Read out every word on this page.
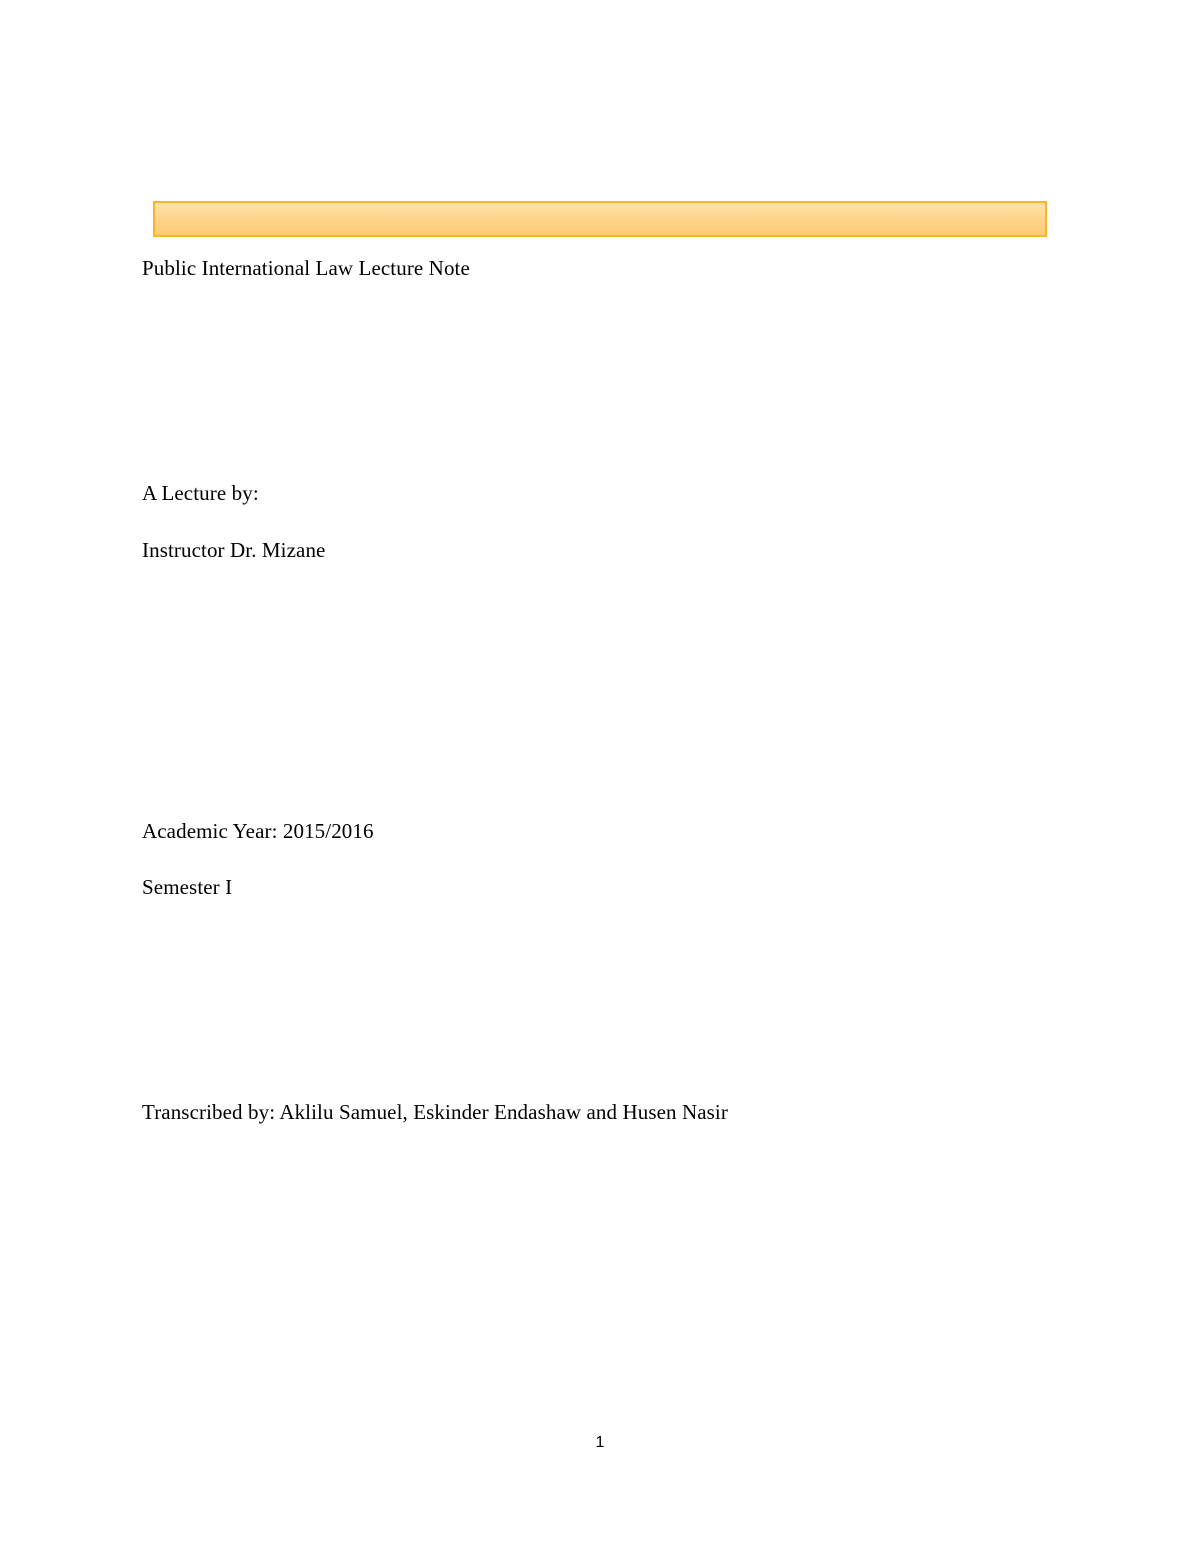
Public International Law Lecture Note
A Lecture by:
Instructor Dr. Mizane
Academic Year: 2015/2016
Semester I
Transcribed by: Aklilu Samuel, Eskinder Endashaw and Husen Nasir
1
